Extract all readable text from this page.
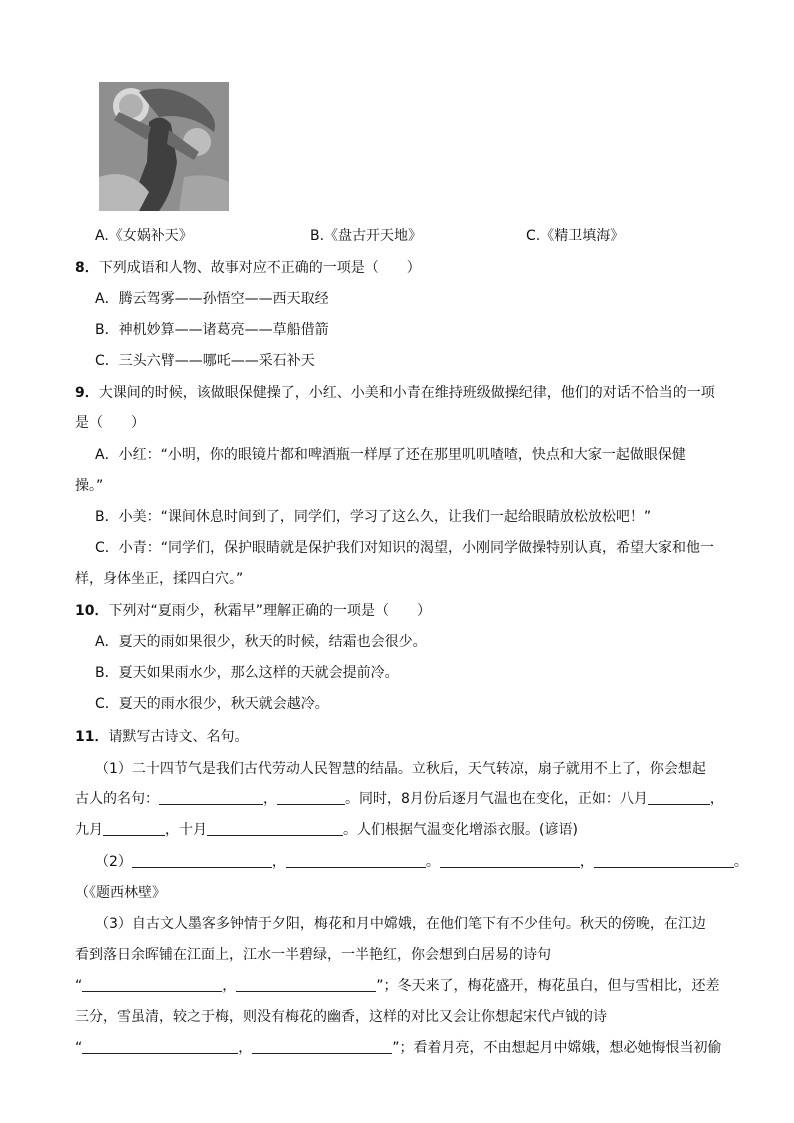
A.《女娲补天》	B.《盘古开天地》	C.《精卫填海》
8．下列成语和人物、故事对应不正确的一项是（　　）
A．腾云驾雾——孙悟空——西天取经
B．神机妙算——诸葛亮——草船借箭
C．三头六臂——哪吒——采石补天
9．大课间的时候，该做眼保健操了，小红、小美和小青在维持班级做操纪律，他们的对话不恰当的一项
是（　　）
A．小红：“小明，你的眼镜片都和啤酒瓶一样厚了还在那里叽叽喳喳，快点和大家一起做眼保健
操。”
B．小美：“课间休息时间到了，同学们，学习了这么久，让我们一起给眼睛放松放松吧！”
C．小青：“同学们，保护眼睛就是保护我们对知识的渴望，小刚同学做操特别认真，希望大家和他一
样，身体坐正，揉四白穴。”
10．下列对“夏雨少，秋霜早”理解正确的一项是（　　）
A．夏天的雨如果很少，秋天的时候，结霜也会很少。
B．夏天如果雨水少，那么这样的天就会提前冷。
C．夏天的雨水很少，秋天就会越冷。
11．请默写古诗文、名句。
（1）二十四节气是我们古代劳动人民智慧的结晶。立秋后，天气转凉，扇子就用不上了，你会想起
古人的名句：	，	。同时，8月份后逐月气温也在变化，正如：八月	，
九月	，十月	。人们根据气温变化增添衣服。(谚语)
（2）	，	。	，	。
（《题西林壁》
（3）自古文人墨客多钟情于夕阳，梅花和月中嫦娥，在他们笔下有不少佳句。秋天的傍晚，在江边
看到落日余晖铺在江面上，江水一半碧绿，一半艳红，你会想到白居易的诗句
“	，	”；冬天来了，梅花盛开，梅花虽白，但与雪相比，还差
三分，雪虽清，较之于梅，则没有梅花的幽香，这样的对比又会让你想起宋代卢钺的诗
“	，	”；看着月亮，不由想起月中嫦娥，想必她悔恨当初偷
